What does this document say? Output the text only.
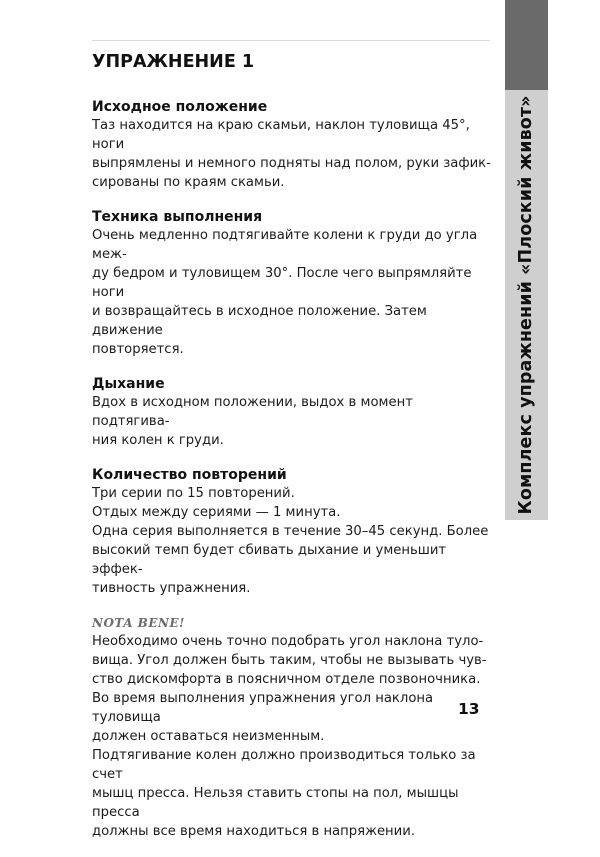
Комплекс упражнений «Плоский живот»
УПРАЖНЕНИЕ 1
Исходное положение
Таз находится на краю скамьи, наклон туловища 45°, ноги
выпрямлены и немного подняты над полом, руки зафик-
сированы по краям скамьи.
Техника выполнения
Очень медленно подтягивайте колени к груди до угла меж-
ду бедром и туловищем 30°. После чего выпрямляйте ноги
и возвращайтесь в исходное положение. Затем движение
повторяется.
Дыхание
Вдох в исходном положении, выдох в момент подтягива-
ния колен к груди.
Количество повторений
Три серии по 15 повторений.
Отдых между сериями — 1 минута.
Одна серия выполняется в течение 30–45 секунд. Более
высокий темп будет сбивать дыхание и уменьшит эффек-
тивность упражнения.
NOTA BENE!
Необходимо очень точно подобрать угол наклона туло-
вища. Угол должен быть таким, чтобы не вызывать чув-
ство дискомфорта в поясничном отделе позвоночника.
Во время выполнения упражнения угол наклона туловища
должен оставаться неизменным.
Подтягивание колен должно производиться только за счет
мышц пресса. Нельзя ставить стопы на пол, мышцы пресса
должны все время находиться в напряжении.
13
